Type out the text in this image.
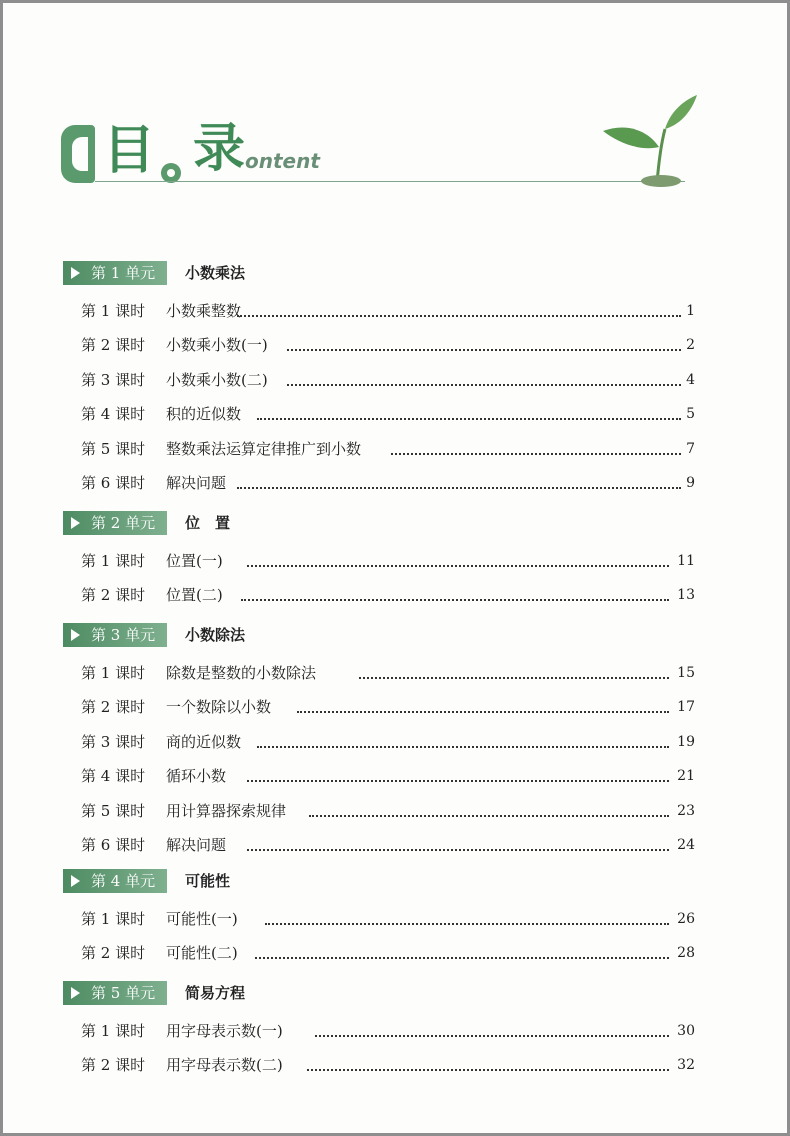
目 录 ontent
第 1 单元	小数乘法
第 1 课时 小数乘整数	1
第 2 课时 小数乘小数(一)	2
第 3 课时 小数乘小数(二)	4
第 4 课时 积的近似数	5
第 5 课时 整数乘法运算定律推广到小数	7
第 6 课时 解决问题	9
第 2 单元	位　置
第 1 课时 位置(一)	11
第 2 课时 位置(二)	13
第 3 单元	小数除法
第 1 课时 除数是整数的小数除法	15
第 2 课时 一个数除以小数	17
第 3 课时 商的近似数	19
第 4 课时 循环小数	21
第 5 课时 用计算器探索规律	23
第 6 课时 解决问题	24
第 4 单元	可能性
第 1 课时 可能性(一)	26
第 2 课时 可能性(二)	28
第 5 单元	简易方程
第 1 课时 用字母表示数(一)	30
第 2 课时 用字母表示数(二)	32
